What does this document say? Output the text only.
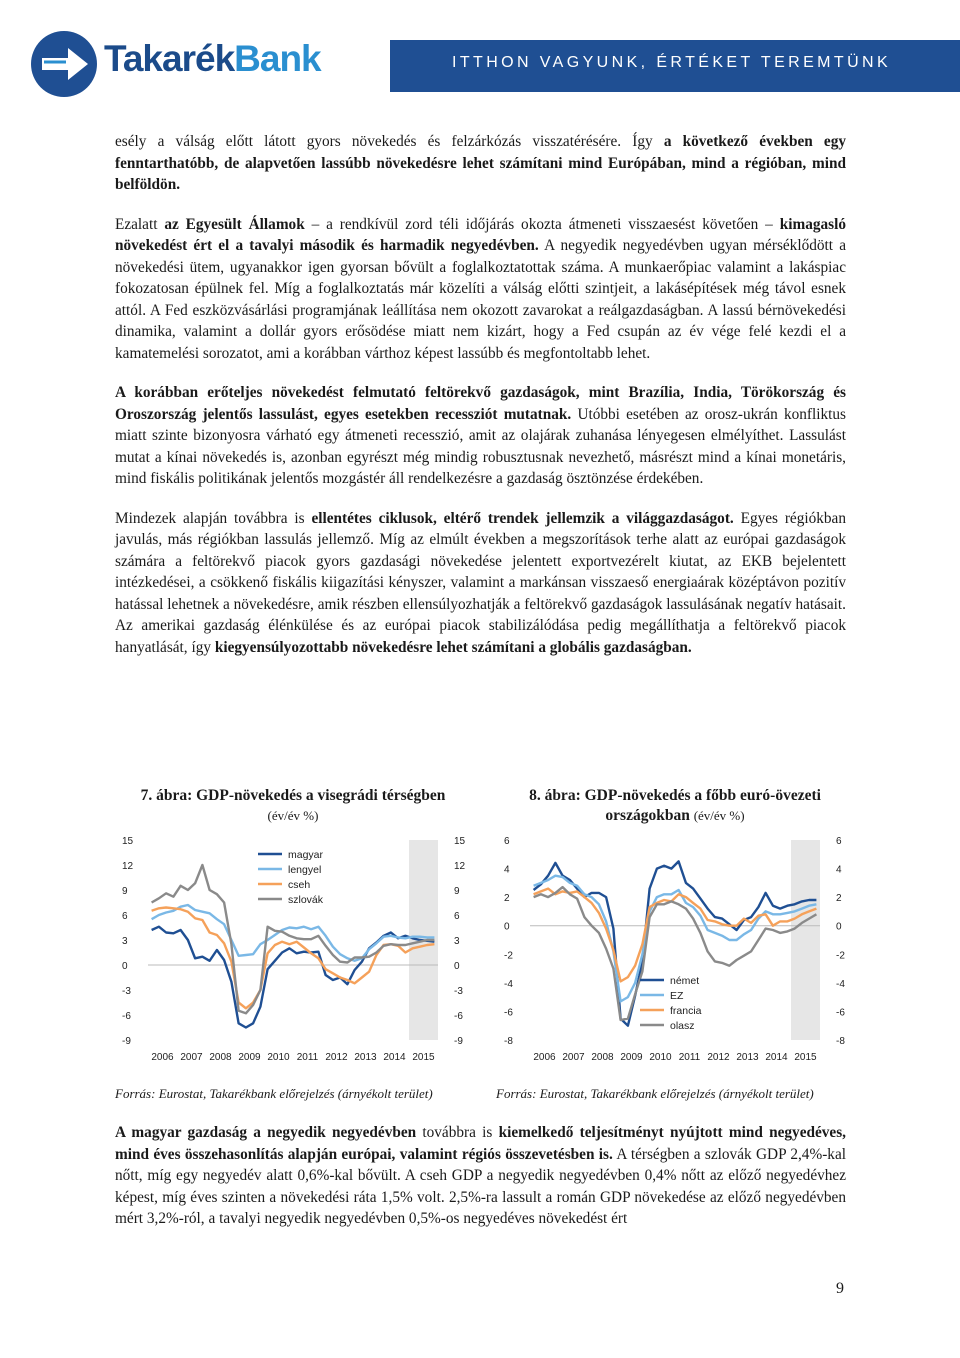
TakarékBank	ITTHON VAGYUNK, ÉRTÉKET TEREMTÜNK

esély a válság előtt látott gyors növekedés és felzárkózás visszatérésére. Így a következő években egy fenntarthatóbb, de alapvetően lassúbb növekedésre lehet számítani mind Európában, mind a régióban, mind belföldön.

Ezalatt az Egyesült Államok – a rendkívül zord téli időjárás okozta átmeneti visszaesést követően – kimagasló növekedést ért el a tavalyi második és harmadik negyedévben. A negyedik negyedévben ugyan mérséklődött a növekedési ütem, ugyanakkor igen gyorsan bővült a foglalkoztatottak száma. A munkaerőpiac valamint a lakáspiac fokozatosan épülnek fel. Míg a foglalkoztatás már közelíti a válság előtti szintjeit, a lakásépítések még távol esnek attól. A Fed eszközvásárlási programjának leállítása nem okozott zavarokat a reálgazdaságban. A lassú bérnövekedési dinamika, valamint a dollár gyors erősödése miatt nem kizárt, hogy a Fed csupán az év vége felé kezdi el a kamatemelési sorozatot, ami a korábban várthoz képest lassúbb és megfontoltabb lehet.

A korábban erőteljes növekedést felmutató feltörekvő gazdaságok, mint Brazília, India, Törökország és Oroszország jelentős lassulást, egyes esetekben recessziót mutatnak. Utóbbi esetében az orosz-ukrán konfliktus miatt szinte bizonyosra várható egy átmeneti recesszió, amit az olajárak zuhanása lényegesen elmélyíthet. Lassulást mutat a kínai növekedés is, azonban egyrészt még mindig robusztusnak nevezhető, másrészt mind a kínai monetáris, mind fiskális politikának jelentős mozgástér áll rendelkezésre a gazdaság ösztönzése érdekében.

Mindezek alapján továbbra is ellentétes ciklusok, eltérő trendek jellemzik a világgazdaságot. Egyes régiókban javulás, más régiókban lassulás jellemző. Míg az elmúlt években a megszorítások terhe alatt az európai gazdaságok számára a feltörekvő piacok gyors gazdasági növekedése jelentett exportvezérelt kiutat, az EKB bejelentett intézkedései, a csökkenő fiskális kiigazítási kényszer, valamint a markánsan visszaeső energiaárak középtávon pozitív hatással lehetnek a növekedésre, amik részben ellensúlyozhatják a feltörekvő gazdaságok lassulásának negatív hatásait. Az amerikai gazdaság élénkülése és az európai piacok stabilizálódása pedig megállíthatja a feltörekvő piacok hanyatlását, így kiegyensúlyozottabb növekedésre lehet számítani a globális gazdaságban.

7. ábra: GDP-növekedés a visegrádi térségben
(év/év %)
15	15
12	12
9	9
6	6
3	3
0	0
-3	-3
-6	-6
-9	-9
2006 2007 2008 2009 2010 2011 2012 2013 2014 2015
magyar
lengyel
cseh
szlovák
8. ábra: GDP-növekedés a főbb euró-övezeti országokban (év/év %)
6	6
4	4
2	2
0	0
-2	-2
-4	-4
-6	-6
-8	-8
2006 2007 2008 2009 2010 2011 2012 2013 2014 2015
német
EZ
francia
olasz
Forrás: Eurostat, Takarékbank előrejelzés (árnyékolt terület)	Forrás: Eurostat, Takarékbank előrejelzés (árnyékolt terület)

A magyar gazdaság a negyedik negyedévben továbbra is kiemelkedő teljesítményt nyújtott mind negyedéves, mind éves összehasonlítás alapján európai, valamint régiós összevetésben is. A térségben a szlovák GDP 2,4%-kal nőtt, míg egy negyedév alatt 0,6%-kal bővült. A cseh GDP a negyedik negyedévben 0,4% nőtt az előző negyedévhez képest, míg éves szinten a növekedési ráta 1,5% volt. 2,5%-ra lassult a román GDP növekedése az előző negyedévben mért 3,2%-ról, a tavalyi negyedik negyedévben 0,5%-os negyedéves növekedést ért

9
